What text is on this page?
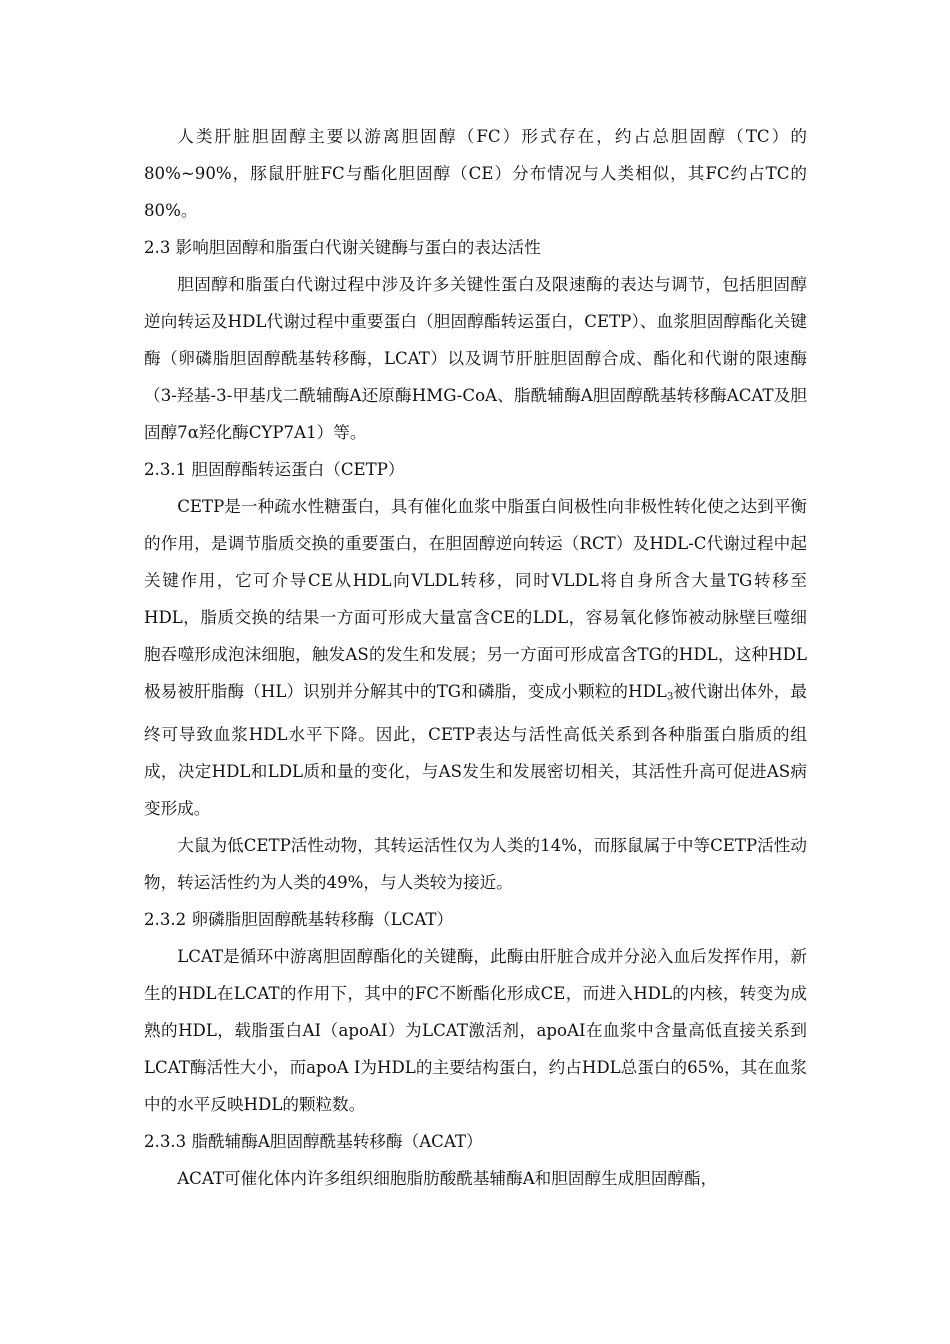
人类肝脏胆固醇主要以游离胆固醇（FC）形式存在，约占总胆固醇（TC）的80%~90%，豚鼠肝脏FC与酯化胆固醇（CE）分布情况与人类相似，其FC约占TC的80%。

2.3 影响胆固醇和脂蛋白代谢关键酶与蛋白的表达活性

胆固醇和脂蛋白代谢过程中涉及许多关键性蛋白及限速酶的表达与调节，包括胆固醇逆向转运及HDL代谢过程中重要蛋白（胆固醇酯转运蛋白，CETP）、血浆胆固醇酯化关键酶（卵磷脂胆固醇酰基转移酶，LCAT）以及调节肝脏胆固醇合成、酯化和代谢的限速酶（3-羟基-3-甲基戊二酰辅酶A还原酶HMG-CoA、脂酰辅酶A胆固醇酰基转移酶ACAT及胆固醇7α羟化酶CYP7A1）等。

2.3.1 胆固醇酯转运蛋白（CETP）

CETP是一种疏水性糖蛋白，具有催化血浆中脂蛋白间极性向非极性转化使之达到平衡的作用，是调节脂质交换的重要蛋白，在胆固醇逆向转运（RCT）及HDL-C代谢过程中起关键作用，它可介导CE从HDL向VLDL转移，同时VLDL将自身所含大量TG转移至HDL，脂质交换的结果一方面可形成大量富含CE的LDL，容易氧化修饰被动脉壁巨噬细胞吞噬形成泡沫细胞，触发AS的发生和发展；另一方面可形成富含TG的HDL，这种HDL极易被肝脂酶（HL）识别并分解其中的TG和磷脂，变成小颗粒的$HDL_3$被代谢出体外，最终可导致血浆HDL水平下降。因此，CETP表达与活性高低关系到各种脂蛋白脂质的组成，决定HDL和LDL质和量的变化，与AS发生和发展密切相关，其活性升高可促进AS病变形成。

大鼠为低CETP活性动物，其转运活性仅为人类的14%，而豚鼠属于中等CETP活性动物，转运活性约为人类的49%，与人类较为接近。

2.3.2 卵磷脂胆固醇酰基转移酶（LCAT）

LCAT是循环中游离胆固醇酯化的关键酶，此酶由肝脏合成并分泌入血后发挥作用，新生的HDL在LCAT的作用下，其中的FC不断酯化形成CE，而进入HDL的内核，转变为成熟的HDL，载脂蛋白AI（apoAI）为LCAT激活剂，apoAI在血浆中含量高低直接关系到LCAT酶活性大小，而apoA I为HDL的主要结构蛋白，约占HDL总蛋白的65%，其在血浆中的水平反映HDL的颗粒数。

2.3.3 脂酰辅酶A胆固醇酰基转移酶（ACAT）

ACAT可催化体内许多组织细胞脂肪酸酰基辅酶A和胆固醇生成胆固醇酯，
